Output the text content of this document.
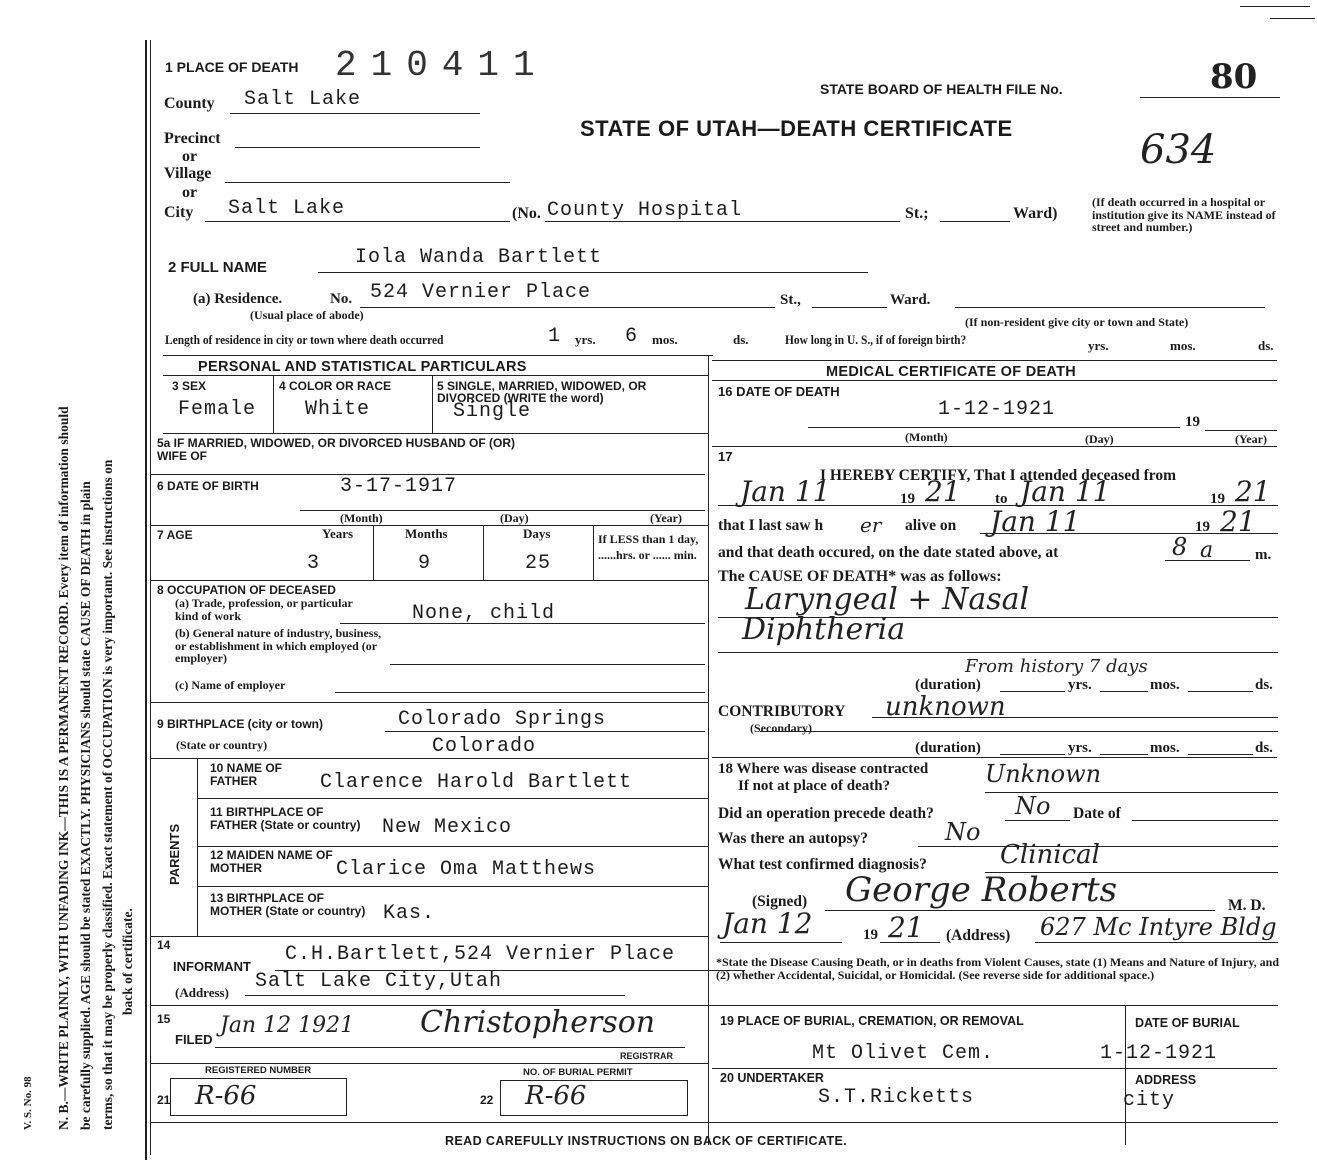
N. B.—WRITE PLAINLY, WITH UNFADING INK—THIS IS A PERMANENT RECORD. Every item of information should be carefully supplied. AGE should be stated EXACTLY. PHYSICIANS should state CAUSE OF DEATH in plain terms, so that it may be properly classified. Exact statement of OCCUPATION is very important. See instructions on back of certificate.
V. S. No. 98
1 PLACE OF DEATH 210411
STATE BOARD OF HEALTH FILE No.	80
STATE OF UTAH—DEATH CERTIFICATE	634
County Salt Lake
Precinct
or
Village
or
City Salt Lake	(No. County Hospital	St.;	Ward)
(If death occurred in a hospital or institution give its NAME instead of street and number.)
2 FULL NAME	Iola Wanda Bartlett
(a) Residence.	No. 524 Vernier Place	St.,	Ward.
(Usual place of abode)	(If non-resident give city or town and State)
Length of residence in city or town where death occurred	1 yrs. 6 mos.	ds.	How long in U. S., if of foreign birth?	yrs.	mos.	ds.
PERSONAL AND STATISTICAL PARTICULARS
3 SEX
Female
4 COLOR OR RACE
White
5 SINGLE, MARRIED, WIDOWED, OR DIVORCED (WRITE the word)
Single
5a IF MARRIED, WIDOWED, OR DIVORCED HUSBAND OF (OR) WIFE OF
6 DATE OF BIRTH	3-17-1917
(Month)	(Day)	(Year)
7 AGE	Years	Months	Days
3	9	25
If LESS than 1 day, ......hrs. or ...... min.
8 OCCUPATION OF DECEASED
(a) Trade, profession, or particular kind of work	None, child
(b) General nature of industry, business, or establishment in which employed (or employer)
(c) Name of employer
9 BIRTHPLACE (city or town)	Colorado Springs
(State or country)	Colorado
PARENTS
10 NAME OF FATHER	Clarence Harold Bartlett
11 BIRTHPLACE OF FATHER (State or country)	New Mexico
12 MAIDEN NAME OF MOTHER	Clarice Oma Matthews
13 BIRTHPLACE OF MOTHER (State or country) Kas.
14
INFORMANT
C.H.Bartlett,524 Vernier Place
(Address) Salt Lake City,Utah
15
FILED
Jan 12 1921 Christopherson
REGISTRAR
REGISTERED NUMBER
21 R-66
NO. OF BURIAL PERMIT
22 R-66
MEDICAL CERTIFICATE OF DEATH
16 DATE OF DEATH
1-12-1921
19
(Month)	(Day)	(Year)
17
I HEREBY CERTIFY, That I attended deceased from
Jan 11	19 21 to Jan 11	19 21
that I last saw h er alive on Jan 11	19 21
and that death occured, on the date stated above, at	8 a	m.
The CAUSE OF DEATH* was as follows:
Laryngeal + Nasal
Diphtheria
From history 7 days
(duration)	yrs.	mos.	ds.
CONTRIBUTORY
(Secondary)
unknown
(duration)	yrs.	mos.	ds.
18 Where was disease contracted
If not at place of death?	Unknown
Did an operation precede death?	No Date of
Was there an autopsy?	No
What test confirmed diagnosis?	Clinical
(Signed) George Roberts	M. D.
Jan 12	19 21 (Address) 627 Mc Intyre Bldg
*State the Disease Causing Death, or in deaths from Violent Causes, state (1) Means and Nature of Injury, and (2) whether Accidental, Suicidal, or Homicidal. (See reverse side for additional space.)
19 PLACE OF BURIAL, CREMATION, OR REMOVAL
Mt Olivet Cem.
DATE OF BURIAL
1-12-1921
20 UNDERTAKER
S.T.Ricketts
ADDRESS
city
READ CAREFULLY INSTRUCTIONS ON BACK OF CERTIFICATE.
